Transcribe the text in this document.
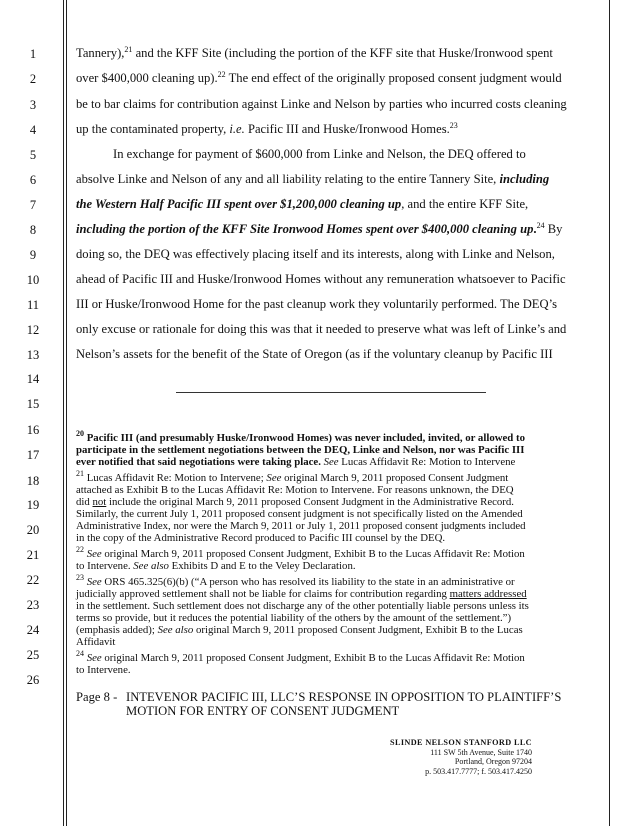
1
2
3
4
5
6
7
8
9
10
11
12
13
14
15
16
17
18
19
20
21
22
23
24
25
26
Tannery),$^{21}$ and the KFF Site (including the portion of the KFF site that Huske/Ironwood spent
over $400,000 cleaning up).$^{22}$ The end effect of the originally proposed consent judgment would
be to bar claims for contribution against Linke and Nelson by parties who incurred costs cleaning
up the contaminated property, i.e. Pacific III and Huske/Ironwood Homes.$^{23}$
In exchange for payment of $600,000 from Linke and Nelson, the DEQ offered to
absolve Linke and Nelson of any and all liability relating to the entire Tannery Site, including
the Western Half Pacific III spent over $1,200,000 cleaning up, and the entire KFF Site,
including the portion of the KFF Site Ironwood Homes spent over $400,000 cleaning up.$^{24}$ By
doing so, the DEQ was effectively placing itself and its interests, along with Linke and Nelson,
ahead of Pacific III and Huske/Ironwood Homes without any remuneration whatsoever to Pacific
III or Huske/Ironwood Home for the past cleanup work they voluntarily performed. The DEQ’s
only excuse or rationale for doing this was that it needed to preserve what was left of Linke’s and
Nelson’s assets for the benefit of the State of Oregon (as if the voluntary cleanup by Pacific III
$^{20}$ Pacific III (and presumably Huske/Ironwood Homes) was never included, invited, or allowed to
participate in the settlement negotiations between the DEQ, Linke and Nelson, nor was Pacific III
ever notified that said negotiations were taking place. See Lucas Affidavit Re: Motion to Intervene
$^{21}$ Lucas Affidavit Re: Motion to Intervene; See original March 9, 2011 proposed Consent Judgment
attached as Exhibit B to the Lucas Affidavit Re: Motion to Intervene. For reasons unknown, the DEQ
did not include the original March 9, 2011 proposed Consent Judgment in the Administrative Record.
Similarly, the current July 1, 2011 proposed consent judgment is not specifically listed on the Amended
Administrative Index, nor were the March 9, 2011 or July 1, 2011 proposed consent judgments included
in the copy of the Administrative Record produced to Pacific III counsel by the DEQ.
$^{22}$ See original March 9, 2011 proposed Consent Judgment, Exhibit B to the Lucas Affidavit Re: Motion
to Intervene. See also Exhibits D and E to the Veley Declaration.
$^{23}$ See ORS 465.325(6)(b) (“A person who has resolved its liability to the state in an administrative or
judicially approved settlement shall not be liable for claims for contribution regarding matters addressed
in the settlement. Such settlement does not discharge any of the other potentially liable persons unless its
terms so provide, but it reduces the potential liability of the others by the amount of the settlement.”)
(emphasis added); See also original March 9, 2011 proposed Consent Judgment, Exhibit B to the Lucas
Affidavit
$^{24}$ See original March 9, 2011 proposed Consent Judgment, Exhibit B to the Lucas Affidavit Re: Motion
to Intervene.
Page 8 - INTEVENOR PACIFIC III, LLC’S RESPONSE IN OPPOSITION TO PLAINTIFF’S
MOTION FOR ENTRY OF CONSENT JUDGMENT
SLINDE NELSON STANFORD LLC
111 SW 5th Avenue, Suite 1740
Portland, Oregon 97204
p. 503.417.7777; f. 503.417.4250
